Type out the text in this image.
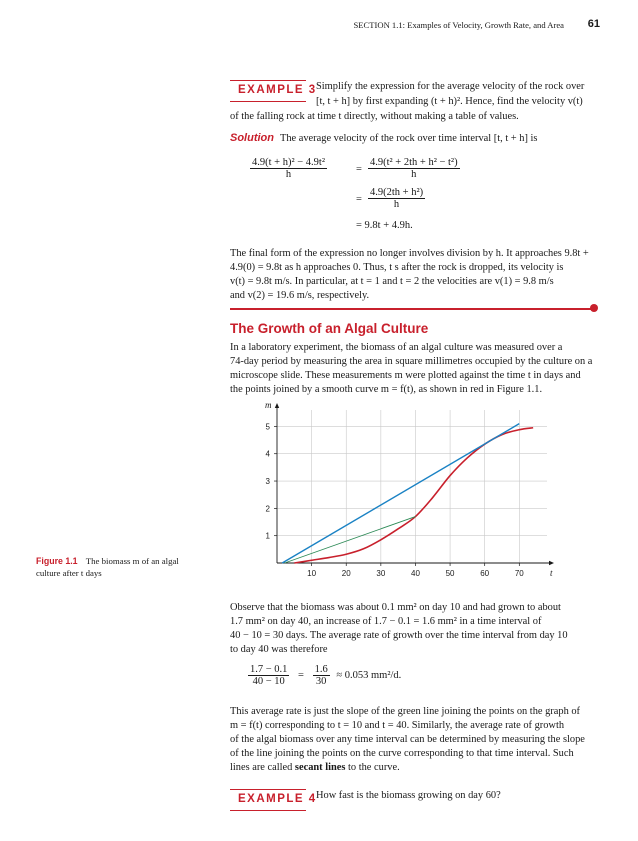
SECTION 1.1: Examples of Velocity, Growth Rate, and Area 61
EXAMPLE 3 Simplify the expression for the average velocity of the rock over
[t, t + h] by first expanding (t + h)². Hence, find the velocity v(t)
of the falling rock at time t directly, without making a table of values.
Solution The average velocity of the rock over time interval [t, t + h] is
$\frac{\text{4.9(t + h)² − 4.9t²}}{h}$	= $\frac{\text{4.9(t² + 2th + h² − t²)}}{h}$
= $\frac{\text{4.9(2th + h²)}}{h}$
= 9.8t + 4.9h.
The final form of the expression no longer involves division by h. It approaches 9.8t +
4.9(0) = 9.8t as h approaches 0. Thus, t s after the rock is dropped, its velocity is
v(t) = 9.8t m/s. In particular, at t = 1 and t = 2 the velocities are v(1) = 9.8 m/s
and v(2) = 19.6 m/s, respectively.
The Growth of an Algal Culture
In a laboratory experiment, the biomass of an algal culture was measured over a
74-day period by measuring the area in square millimetres occupied by the culture on a
microscope slide. These measurements m were plotted against the time t in days and
the points joined by a smooth curve m = f(t), as shown in red in Figure 1.1.
10	20	30	40	50	60	70
1
2
3
4
5
t
m
Figure 1.1 The biomass m of an algal
culture after t days
Observe that the biomass was about 0.1 mm² on day 10 and had grown to about
1.7 mm² on day 40, an increase of 1.7 − 0.1 = 1.6 mm² in a time interval of
40 − 10 = 30 days. The average rate of growth over the time interval from day 10
to day 40 was therefore
$\frac{1.7 - 0.1}{40 - 10} = \frac{1.6}{30} \approx 0.053$ mm²/d.
This average rate is just the slope of the green line joining the points on the graph of
m = f(t) corresponding to t = 10 and t = 40. Similarly, the average rate of growth
of the algal biomass over any time interval can be determined by measuring the slope
of the line joining the points on the curve corresponding to that time interval. Such
lines are called secant lines to the curve.
EXAMPLE 4 How fast is the biomass growing on day 60?
